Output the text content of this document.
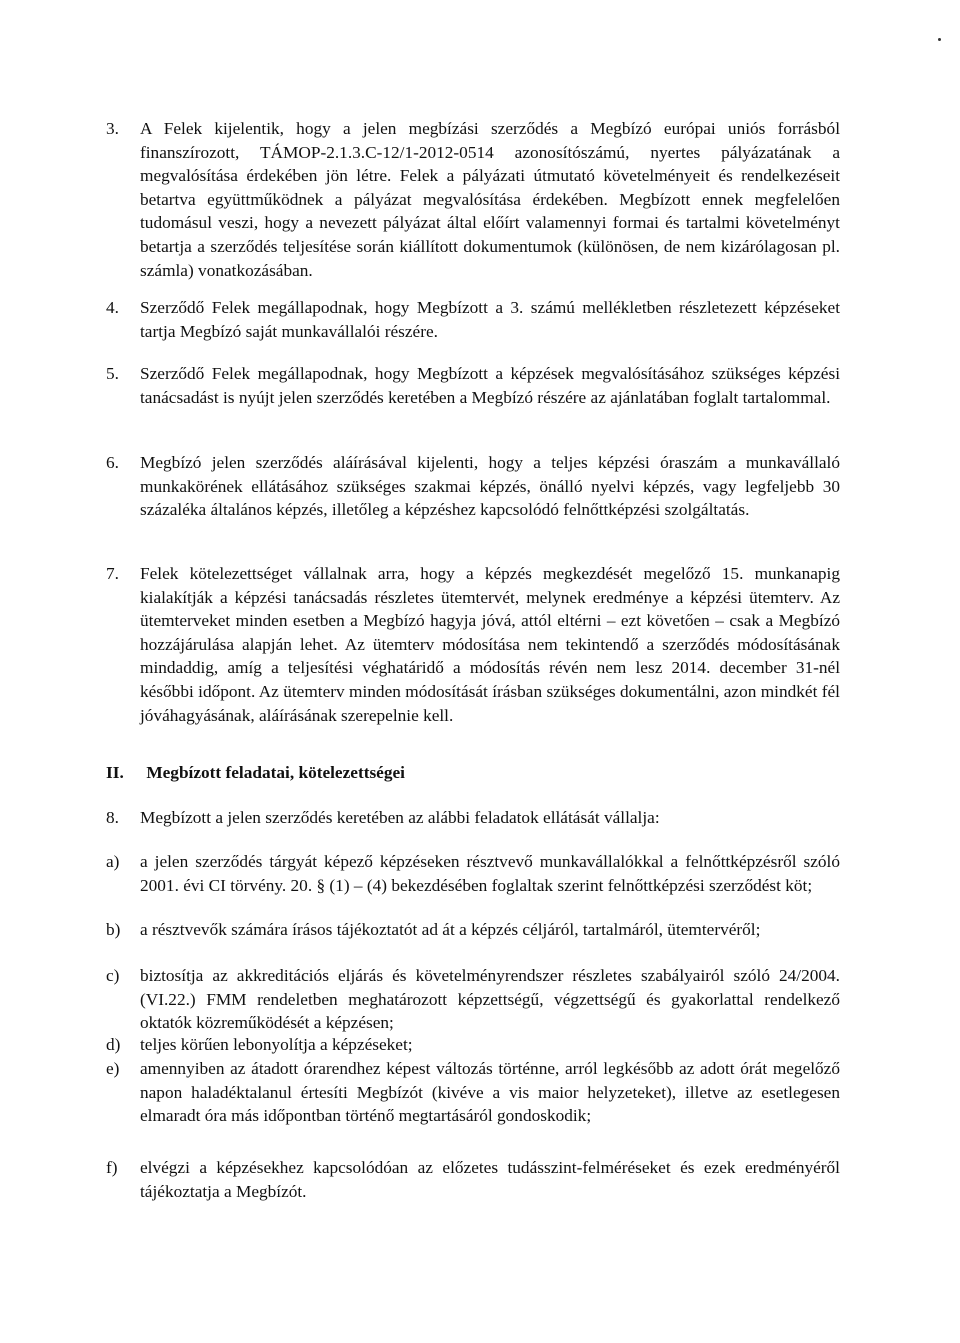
3. A Felek kijelentik, hogy a jelen megbízási szerződés a Megbízó európai uniós forrásból finanszírozott, TÁMOP-2.1.3.C-12/1-2012-0514 azonosítószámú, nyertes pályázatának a megvalósítása érdekében jön létre. Felek a pályázati útmutató követelményeit és rendelkezéseit betartva együttműködnek a pályázat megvalósítása érdekében. Megbízott ennek megfelelően tudomásul veszi, hogy a nevezett pályázat által előírt valamennyi formai és tartalmi követelményt betartja a szerződés teljesítése során kiállított dokumentumok (különösen, de nem kizárólagosan pl. számla) vonatkozásában.
4. Szerződő Felek megállapodnak, hogy Megbízott a 3. számú mellékletben részletezett képzéseket tartja Megbízó saját munkavállalói részére.
5. Szerződő Felek megállapodnak, hogy Megbízott a képzések megvalósításához szükséges képzési tanácsadást is nyújt jelen szerződés keretében a Megbízó részére az ajánlatában foglalt tartalommal.
6. Megbízó jelen szerződés aláírásával kijelenti, hogy a teljes képzési óraszám a munkavállaló munkakörének ellátásához szükséges szakmai képzés, önálló nyelvi képzés, vagy legfeljebb 30 százaléka általános képzés, illetőleg a képzéshez kapcsolódó felnőttképzési szolgáltatás.
7. Felek kötelezettséget vállalnak arra, hogy a képzés megkezdését megelőző 15. munkanapig kialakítják a képzési tanácsadás részletes ütemtervét, melynek eredménye a képzési ütemterv. Az ütemterveket minden esetben a Megbízó hagyja jóvá, attól eltérni – ezt követően – csak a Megbízó hozzájárulása alapján lehet. Az ütemterv módosítása nem tekintendő a szerződés módosításának mindaddig, amíg a teljesítési véghatáridő a módosítás révén nem lesz 2014. december 31-nél későbbi időpont. Az ütemterv minden módosítását írásban szükséges dokumentálni, azon mindkét fél jóváhagyásának, aláírásának szerepelnie kell.
II. Megbízott feladatai, kötelezettségei
8. Megbízott a jelen szerződés keretében az alábbi feladatok ellátását vállalja:
a) a jelen szerződés tárgyát képező képzéseken résztvevő munkavállalókkal a felnőttképzésről szóló 2001. évi CI törvény. 20. § (1) – (4) bekezdésében foglaltak szerint felnőttképzési szerződést köt;
b) a résztvevők számára írásos tájékoztatót ad át a képzés céljáról, tartalmáról, ütemtervéről;
c) biztosítja az akkreditációs eljárás és követelményrendszer részletes szabályairól szóló 24/2004. (VI.22.) FMM rendeletben meghatározott képzettségű, végzettségű és gyakorlattal rendelkező oktatók közreműködését a képzésen;
d) teljes körűen lebonyolítja a képzéseket;
e) amennyiben az átadott órarendhez képest változás történne, arról legkésőbb az adott órát megelőző napon haladéktalanul értesíti Megbízót (kivéve a vis maior helyzeteket), illetve az esetlegesen elmaradt óra más időpontban történő megtartásáról gondoskodik;
f) elvégzi a képzésekhez kapcsolódóan az előzetes tudásszint-felméréseket és ezek eredményéről tájékoztatja a Megbízót.
